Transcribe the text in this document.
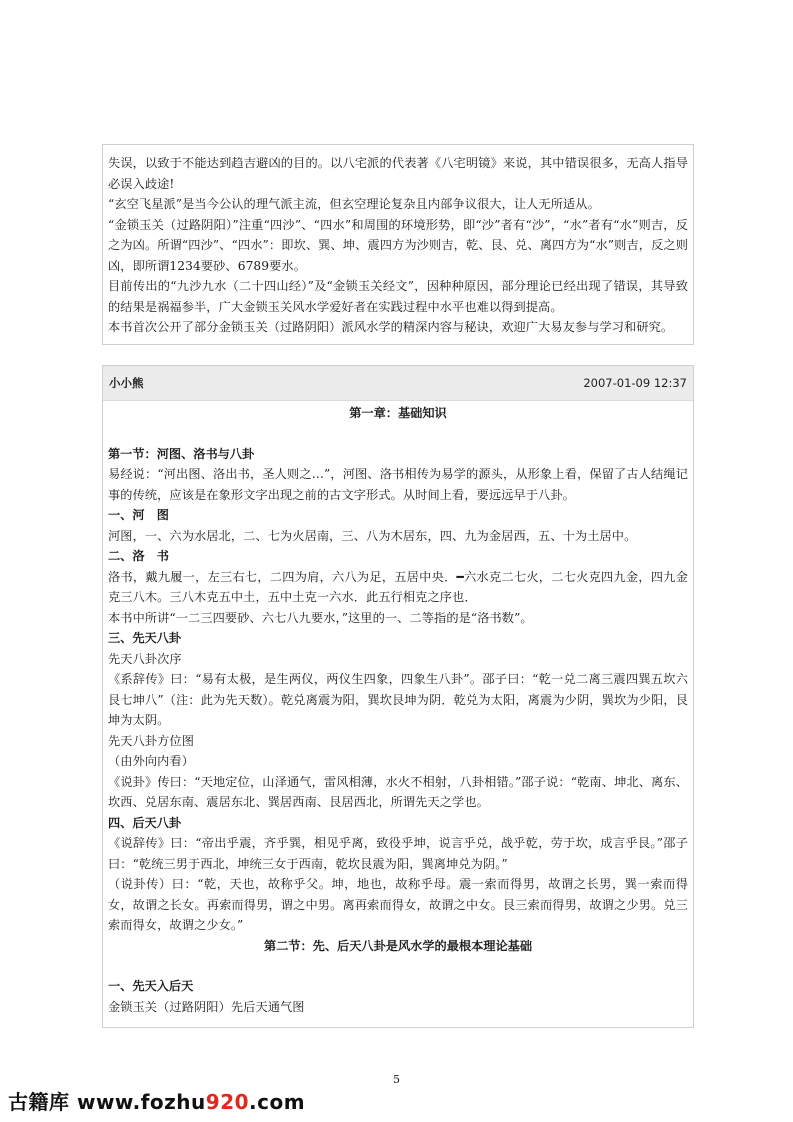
失误，以致于不能达到趋吉避凶的目的。以八宅派的代表著《八宅明镜》来说，其中错误很多，无高人指导必误入歧途!

“玄空飞星派”是当今公认的理气派主流，但玄空理论复杂且内部争议很大，让人无所适从。

“金锁玉关（过路阴阳）”注重“四沙”、“四水”和周围的环境形势，即“沙”者有“沙”，“水”者有“水”则吉，反之为凶。所谓“四沙”、“四水”：即坎、巽、坤、震四方为沙则吉，乾、艮、兑、离四方为“水”则吉，反之则凶，即所谓1234要砂、6789要水。

目前传出的“九沙九水（二十四山经）”及“金锁玉关经文”，因种种原因，部分理论已经出现了错误，其导致的结果是祸福参半，广大金锁玉关风水学爱好者在实践过程中水平也难以得到提高。

本书首次公开了部分金锁玉关（过路阴阳）派风水学的精深内容与秘诀，欢迎广大易友参与学习和研究。

小小熊	2007-01-09 12:37

第一章：基础知识

第一节：河图、洛书与八卦

易经说：“河出图、洛出书，圣人则之…”，河图、洛书相传为易学的源头，从形象上看，保留了古人结绳记事的传统，应该是在象形文字出现之前的古文字形式。从时间上看，要远远早于八卦。

一、河　图

河图，一、六为水居北，二、七为火居南，三、八为木居东，四、九为金居西，五、十为土居中。

二、洛　书

洛书，戴九履一，左三右七，二四为肩，六八为足，五居中央．━六水克二七火，二七火克四九金，四九金克三八木。三八木克五中土，五中土克一六水．此五行相克之序也．

本书中所讲“一二三四要砂、六七八九要水，”这里的一、二等指的是“洛书数”。

三、先天八卦

先天八卦次序

《系辞传》曰：“易有太极，是生两仪，两仪生四象，四象生八卦”。邵子曰：“乾一兑二离三震四巽五坎六艮七坤八”（注：此为先天数）。乾兑离震为阳，巽坎艮坤为阴．乾兑为太阳，离震为少阴，巽坎为少阳，艮坤为太阴。

先天八卦方位图

（由外向内看）

《说卦》传曰：“天地定位，山泽通气，雷风相薄，水火不相射，八卦相错。”邵子说：“乾南、坤北、离东、坎西、兑居东南、震居东北、巽居西南、艮居西北，所谓先天之学也。

四、后天八卦

《说辞传》曰：“帝出乎震，齐乎巽，相见乎离，致役乎坤，说言乎兑，战乎乾，劳于坎，成言乎艮。”邵子曰：“乾统三男于西北，坤统三女于西南，乾坎艮震为阳，巽离坤兑为阴。”

（说卦传）曰：“乾，天也，故称乎父。坤，地也，故称乎母。震一索而得男，故谓之长男，巽一索而得女，故谓之长女。再索而得男，谓之中男。离再索而得女，故谓之中女。艮三索而得男，故谓之少男。兑三索而得女，故谓之少女。”

第二节：先、后天八卦是风水学的最根本理论基础

一、先天入后天

金锁玉关（过路阴阳）先后天通气图

5
古籍库 www.fozhu920.com
